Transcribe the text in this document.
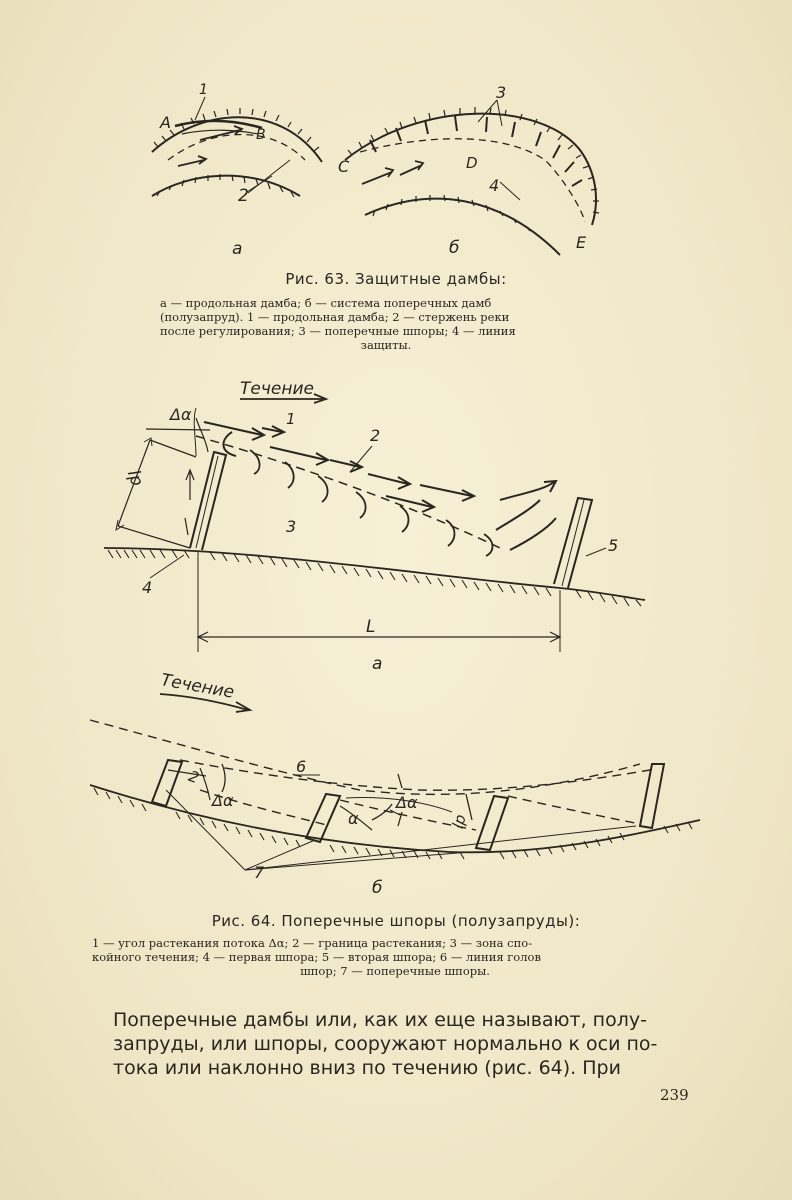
1
A
B
2
а
3
C	D
4
E
б
Рис. 63. Защитные дамбы:
а — продольная дамба; б — система поперечных дамб
(полузапруд). 1 — продольная дамба; 2 — стержень реки
после регулирования; 3 — поперечные шпоры; 4 — линия
защиты.
Течение
Δα	1
2
lр
3
4
5
L
а
Течение
2
6
Δα
α
Δα
lр
7
б
Рис. 64. Поперечные шпоры (полузапруды):
1 — угол растекания потока Δα; 2 — граница растекания; 3 — зона спо-
койного течения; 4 — первая шпора; 5 — вторая шпора; 6 — линия голов
шпор; 7 — поперечные шпоры.
Поперечные дамбы или, как их еще называют, полу-
запруды, или шпоры, сооружают нормально к оси по-
тока или наклонно вниз по течению (рис. 64). При
239
